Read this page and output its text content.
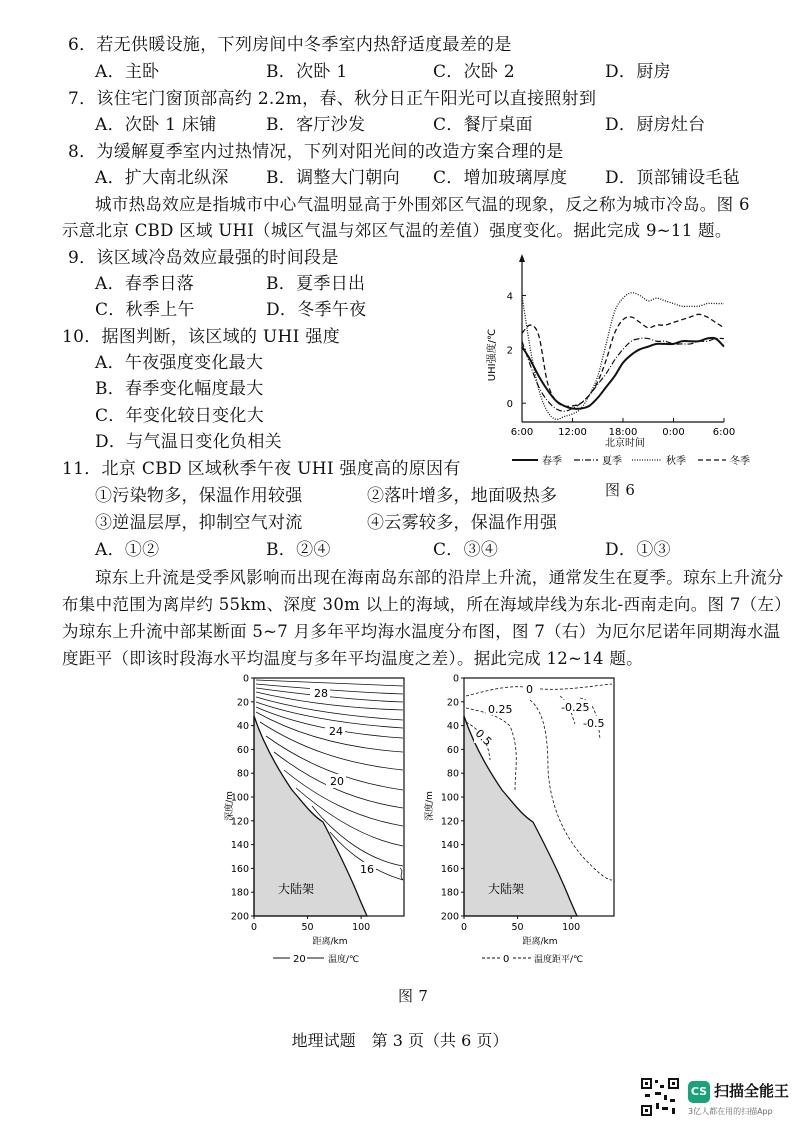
6．若无供暖设施，下列房间中冬季室内热舒适度最差的是
A．主卧	B．次卧 1	C．次卧 2	D．厨房
7．该住宅门窗顶部高约 2.2m，春、秋分日正午阳光可以直接照射到
A．次卧 1 床铺	B．客厅沙发	C．餐厅桌面	D．厨房灶台
8．为缓解夏季室内过热情况，下列对阳光间的改造方案合理的是
A．扩大南北纵深 B．调整大门朝向 C．增加玻璃厚度 D．顶部铺设毛毡
城市热岛效应是指城市中心气温明显高于外围郊区气温的现象，反之称为城市冷岛。图 6
示意北京 CBD 区域 UHI（城区气温与郊区气温的差值）强度变化。据此完成 9~11 题。
9．该区域冷岛效应最强的时间段是
A．春季日落	B．夏季日出
C．秋季上午	D．冬季午夜
10．据图判断，该区域的 UHI 强度
A．午夜强度变化最大
B．春季变化幅度最大
C．年变化较日变化大
D．与气温日变化负相关
11．北京 CBD 区域秋季午夜 UHI 强度高的原因有
①污染物多，保温作用较强	②落叶增多，地面吸热多
③逆温层厚，抑制空气对流	④云雾较多，保温作用强
A．①②	B．②④	C．③④	D．①③
琼东上升流是受季风影响而出现在海南岛东部的沿岸上升流，通常发生在夏季。琼东上升流分
布集中范围为离岸约 55km、深度 30m 以上的海域，所在海域岸线为东北-西南走向。图 7（左）
为琼东上升流中部某断面 5~7 月多年平均海水温度分布图，图 7（右）为厄尔尼诺年同期海水温
度距平（即该时段海水平均温度与多年平均温度之差）。据此完成 12~14 题。
0
2
4
6:00 12:00 18:00 0:00	6:00
UHI强度/℃
北京时间
春季	夏季	秋季	冬季
图 6
深度/m
0
20
40
60
80
100
120
140
160
180
200
28
24
20
16
大陆架
0	50	100
距离/km
20 温度/℃
深度/m
0
20
40
60
80
100
120
140
160
180
200
0
0.25	-0.25
-0.5
0.5
大陆架
0	50	100
距离/km
0	温度距平/℃
图 7
地理试题　第 3 页（共 6 页）
CS 扫描全能王
3亿人都在用的扫描App
